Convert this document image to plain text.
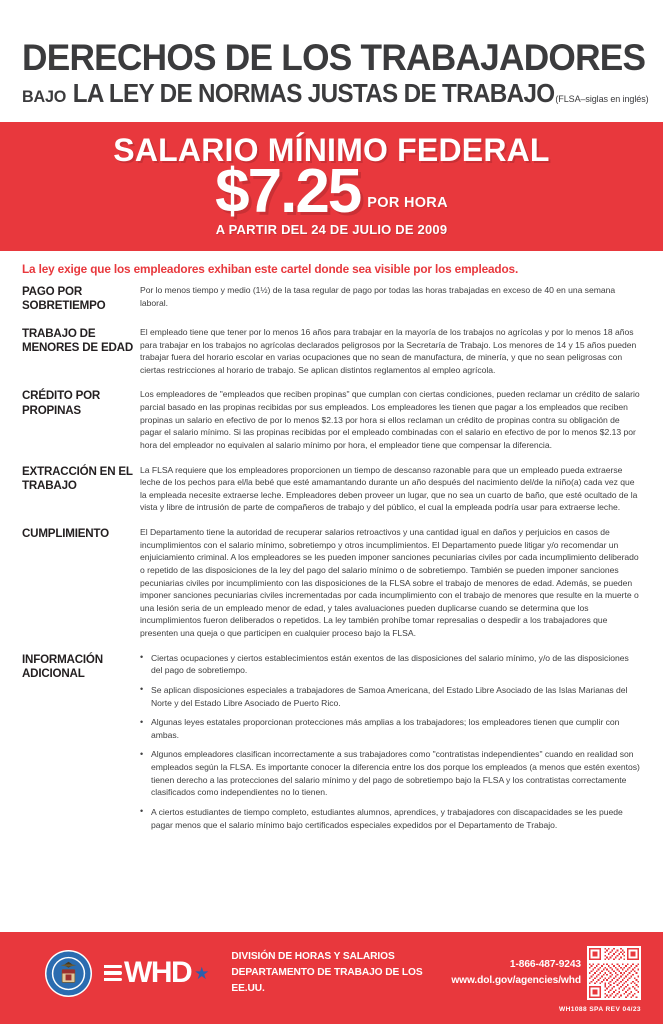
DERECHOS DE LOS TRABAJADORES
BAJO LA LEY DE NORMAS JUSTAS DE TRABAJO (FLSA–siglas en inglés)
SALARIO MÍNIMO FEDERAL
$7.25 POR HORA
A PARTIR DEL 24 DE JULIO DE 2009
La ley exige que los empleadores exhiban este cartel donde sea visible por los empleados.
PAGO POR SOBRETIEMPO

Por lo menos tiempo y medio (1½) de la tasa regular de pago por todas las horas trabajadas en exceso de 40 en una semana laboral.

TRABAJO DE MENORES DE EDAD

El empleado tiene que tener por lo menos 16 años para trabajar en la mayoría de los trabajos no agrícolas y por lo menos 18 años para trabajar en los trabajos no agrícolas declarados peligrosos por la Secretaría de Trabajo. Los menores de 14 y 15 años pueden trabajar fuera del horario escolar en varias ocupaciones que no sean de manufactura, de minería, y que no sean peligrosas con ciertas restricciones al horario de trabajo. Se aplican distintos reglamentos al empleo agrícola.

CRÉDITO POR PROPINAS

Los empleadores de "empleados que reciben propinas" que cumplan con ciertas condiciones, pueden reclamar un crédito de salario parcial basado en las propinas recibidas por sus empleados. Los empleadores les tienen que pagar a los empleados que reciben propinas un salario en efectivo de por lo menos $2.13 por hora si ellos reclaman un crédito de propinas contra su obligación de pagar el salario mínimo. Si las propinas recibidas por el empleado combinadas con el salario en efectivo de por lo menos $2.13 por hora del empleador no equivalen al salario mínimo por hora, el empleador tiene que compensar la diferencia.

EXTRACCIÓN EN EL TRABAJO

La FLSA requiere que los empleadores proporcionen un tiempo de descanso razonable para que un empleado pueda extraerse leche de los pechos para el/la bebé que esté amamantando durante un año después del nacimiento del/de la niño(a) cada vez que la empleada necesite extraerse leche. Empleadores deben proveer un lugar, que no sea un cuarto de baño, que esté ocultado de la vista y libre de intrusión de parte de compañeros de trabajo y del público, el cual la empleada podría usar para extraerse leche.

CUMPLIMIENTO	El Departamento tiene la autoridad de recuperar salarios retroactivos y una cantidad igual en daños y perjuicios en casos de incumplimientos con el salario mínimo, sobretiempo y otros incumplimientos. El Departamento puede litigar y/o recomendar un enjuiciamiento criminal. A los empleadores se les pueden imponer sanciones pecuniarias civiles por cada incumplimiento deliberado o repetido de las disposiciones de la ley del pago del salario mínimo o de sobretiempo. También se pueden imponer sanciones pecuniarias civiles por incumplimiento con las disposiciones de la FLSA sobre el trabajo de menores de edad. Además, se pueden imponer sanciones pecuniarias civiles incrementadas por cada incumplimiento con el trabajo de menores que resulte en la muerte o una lesión seria de un empleado menor de edad, y tales avaluaciones pueden duplicarse cuando se determina que los incumplimientos fueron deliberados o repetidos. La ley también prohíbe tomar represalias o despedir a los trabajadores que presenten una queja o que participen en cualquier proceso bajo la FLSA.

INFORMACIÓN ADICIONAL
• Ciertas ocupaciones y ciertos establecimientos están exentos de las disposiciones del salario mínimo, y/o de las disposiciones del pago de sobretiempo.
• Se aplican disposiciones especiales a trabajadores de Samoa Americana, del Estado Libre Asociado de las Islas Marianas del Norte y del Estado Libre Asociado de Puerto Rico.
• Algunas leyes estatales proporcionan protecciones más amplias a los trabajadores; los empleadores tienen que cumplir con ambas.
• Algunos empleadores clasifican incorrectamente a sus trabajadores como "contratistas independientes" cuando en realidad son empleados según la FLSA. Es importante conocer la diferencia entre los dos porque los empleados (a menos que estén exentos) tienen derecho a las protecciones del salario mínimo y del pago de sobretiempo bajo la FLSA y los contratistas correctamente clasificados como independientes no lo tienen.
• A ciertos estudiantes de tiempo completo, estudiantes alumnos, aprendices, y trabajadores con discapacidades se les puede pagar menos que el salario mínimo bajo certificados especiales expedidos por el Departamento de Trabajo.
WHD ★
DIVISIÓN DE HORAS Y SALARIOS
DEPARTAMENTO DE TRABAJO DE LOS EE.UU.
1-866-487-9243
www.dol.gov/agencies/whd
WH1088 SPA REV 04/23
